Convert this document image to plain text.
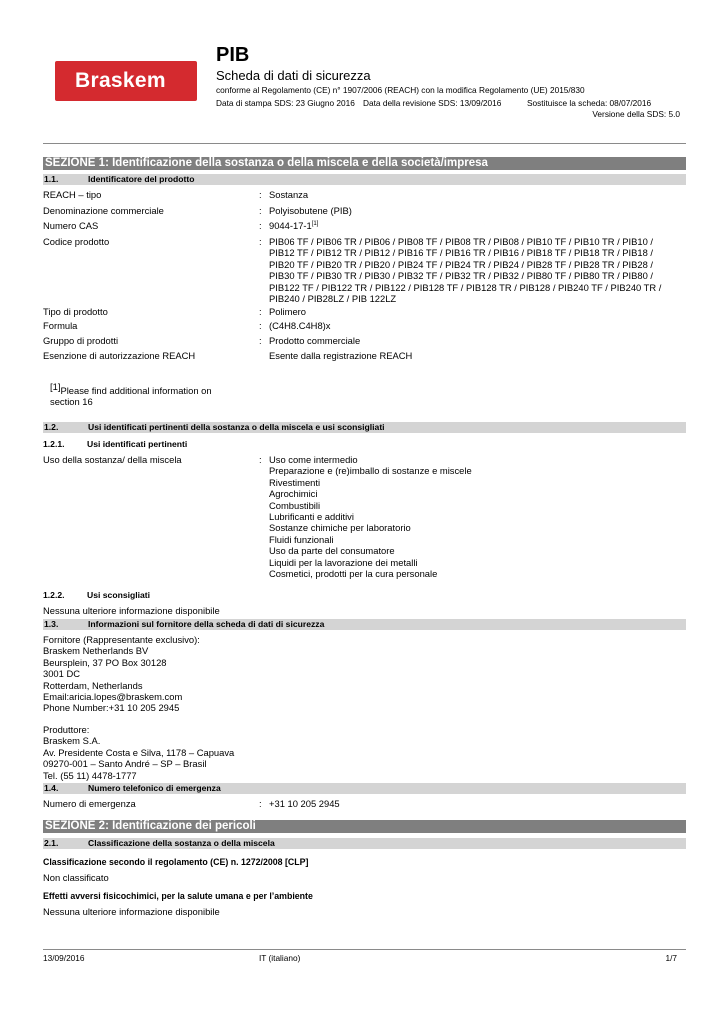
Braskem
PIB
Scheda di dati di sicurezza
conforme al Regolamento (CE) n° 1907/2006 (REACH) con la modifica Regolamento (UE) 2015/830
Data di stampa SDS: 23 Giugno 2016 Data della revisione SDS: 13/09/2016	Sostituisce la scheda: 08/07/2016
Versione della SDS: 5.0
SEZIONE 1: Identificazione della sostanza o della miscela e della società/impresa
1.1.	Identificatore del prodotto
REACH – tipo	: Sostanza
Denominazione commerciale	: Polyisobutene (PIB)
Numero CAS	: 9044-17-1[1]
Codice prodotto	: PIB06 TF / PIB06 TR / PIB06 / PIB08 TF / PIB08 TR / PIB08 / PIB10 TF / PIB10 TR / PIB10 /
PIB12 TF / PIB12 TR / PIB12 / PIB16 TF / PIB16 TR / PIB16 / PIB18 TF / PIB18 TR / PIB18 /
PIB20 TF / PIB20 TR / PIB20 / PIB24 TF / PIB24 TR / PIB24 / PIB28 TF / PIB28 TR / PIB28 /
PIB30 TF / PIB30 TR / PIB30 / PIB32 TF / PIB32 TR / PIB32 / PIB80 TF / PIB80 TR / PIB80 /
PIB122 TF / PIB122 TR / PIB122 / PIB128 TF / PIB128 TR / PIB128 / PIB240 TF / PIB240 TR /
PIB240 / PIB28LZ / PIB 122LZ
Tipo di prodotto	: Polimero
Formula	: (C4H8.C4H8)x
Gruppo di prodotti	: Prodotto commerciale
Esenzione di autorizzazione REACH	Esente dalla registrazione REACH
[1]Please find additional information on
section 16
1.2.	Usi identificati pertinenti della sostanza o della miscela e usi sconsigliati
1.2.1.	Usi identificati pertinenti
Uso della sostanza/ della miscela	: Uso come intermedio
Preparazione e (re)imballo di sostanze e miscele
Rivestimenti
Agrochimici
Combustibili
Lubrificanti e additivi
Sostanze chimiche per laboratorio
Fluidi funzionali
Uso da parte del consumatore
Liquidi per la lavorazione dei metalli
Cosmetici, prodotti per la cura personale
1.2.2.	Usi sconsigliati
Nessuna ulteriore informazione disponibile
1.3.	Informazioni sul fornitore della scheda di dati di sicurezza
Fornitore (Rappresentante exclusivo):
Braskem Netherlands BV
Beursplein, 37 PO Box 30128
3001 DC
Rotterdam, Netherlands
Email:aricia.lopes@braskem.com
Phone Number:+31 10 205 2945
Produttore:
Braskem S.A.
Av. Presidente Costa e Silva, 1178 – Capuava
09270-001 – Santo André – SP – Brasil
Tel. (55 11) 4478-1777
1.4.	Numero telefonico di emergenza
Numero di emergenza	: +31 10 205 2945
SEZIONE 2: Identificazione dei pericoli
2.1.	Classificazione della sostanza o della miscela
Classificazione secondo il regolamento (CE) n. 1272/2008 [CLP]
Non classificato
Effetti avversi fisicochimici, per la salute umana e per l’ambiente
Nessuna ulteriore informazione disponibile
13/09/2016	IT (italiano)	1/7
